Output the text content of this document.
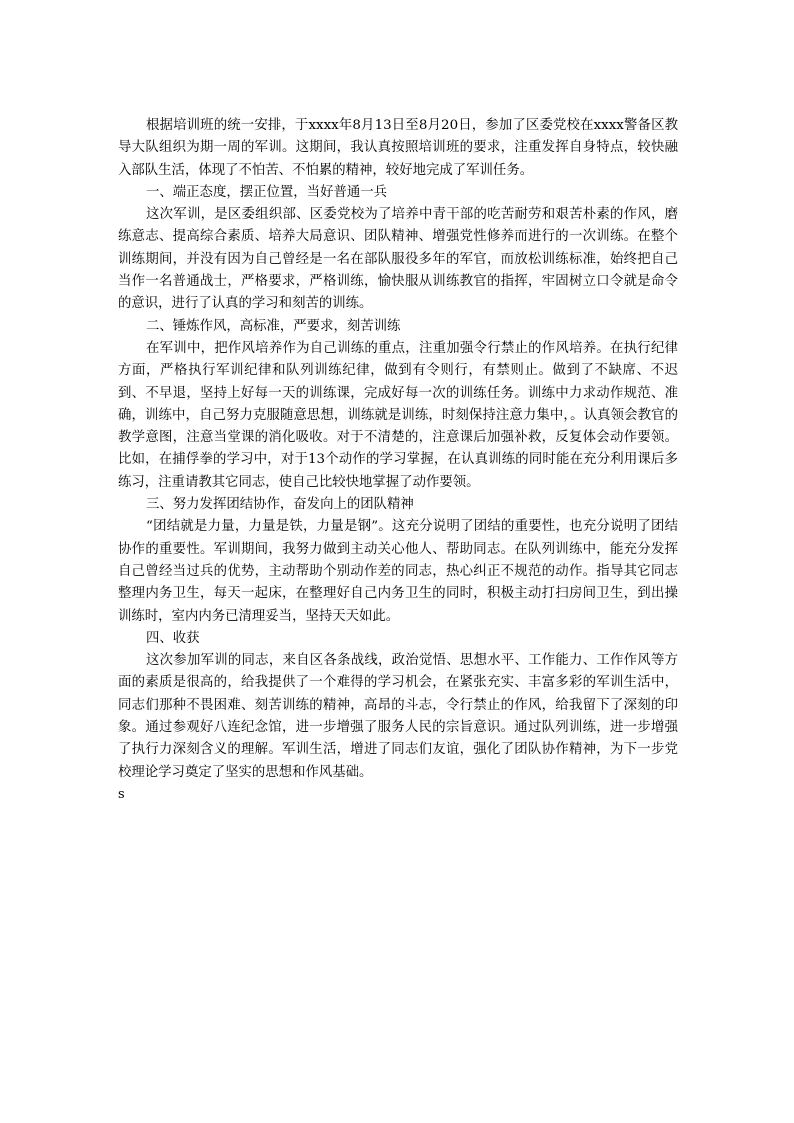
根据培训班的统一安排，于xxxx年8月13日至8月20日，参加了区委党校在xxxx警备区教导大队组织为期一周的军训。这期间，我认真按照培训班的要求，注重发挥自身特点，较快融入部队生活，体现了不怕苦、不怕累的精神，较好地完成了军训任务。

一、端正态度，摆正位置，当好普通一兵

这次军训，是区委组织部、区委党校为了培养中青干部的吃苦耐劳和艰苦朴素的作风，磨练意志、提高综合素质、培养大局意识、团队精神、增强党性修养而进行的一次训练。在整个训练期间，并没有因为自己曾经是一名在部队服役多年的军官，而放松训练标准，始终把自己当作一名普通战士，严格要求，严格训练，愉快服从训练教官的指挥，牢固树立口令就是命令的意识，进行了认真的学习和刻苦的训练。

二、锤炼作风，高标准，严要求，刻苦训练

在军训中，把作风培养作为自己训练的重点，注重加强令行禁止的作风培养。在执行纪律方面，严格执行军训纪律和队列训练纪律，做到有令则行，有禁则止。做到了不缺席、不迟到、不早退，坚持上好每一天的训练课，完成好每一次的训练任务。训练中力求动作规范、准确，训练中，自己努力克服随意思想，训练就是训练，时刻保持注意力集中，。认真领会教官的教学意图，注意当堂课的消化吸收。对于不清楚的，注意课后加强补救，反复体会动作要领。比如，在捕俘拳的学习中，对于13个动作的学习掌握，在认真训练的同时能在充分利用课后多练习，注重请教其它同志，使自己比较快地掌握了动作要领。

三、努力发挥团结协作，奋发向上的团队精神

“团结就是力量，力量是铁，力量是钢”。这充分说明了团结的重要性，也充分说明了团结协作的重要性。军训期间，我努力做到主动关心他人、帮助同志。在队列训练中，能充分发挥自己曾经当过兵的优势，主动帮助个别动作差的同志，热心纠正不规范的动作。指导其它同志整理内务卫生，每天一起床，在整理好自己内务卫生的同时，积极主动打扫房间卫生，到出操训练时，室内内务已清理妥当，坚持天天如此。

四、收获

这次参加军训的同志，来自区各条战线，政治觉悟、思想水平、工作能力、工作作风等方面的素质是很高的，给我提供了一个难得的学习机会，在紧张充实、丰富多彩的军训生活中，同志们那种不畏困难、刻苦训练的精神，高昂的斗志，令行禁止的作风，给我留下了深刻的印象。通过参观好八连纪念馆，进一步增强了服务人民的宗旨意识。通过队列训练，进一步增强了执行力深刻含义的理解。军训生活，增进了同志们友谊，强化了团队协作精神，为下一步党校理论学习奠定了坚实的思想和作风基础。

s
